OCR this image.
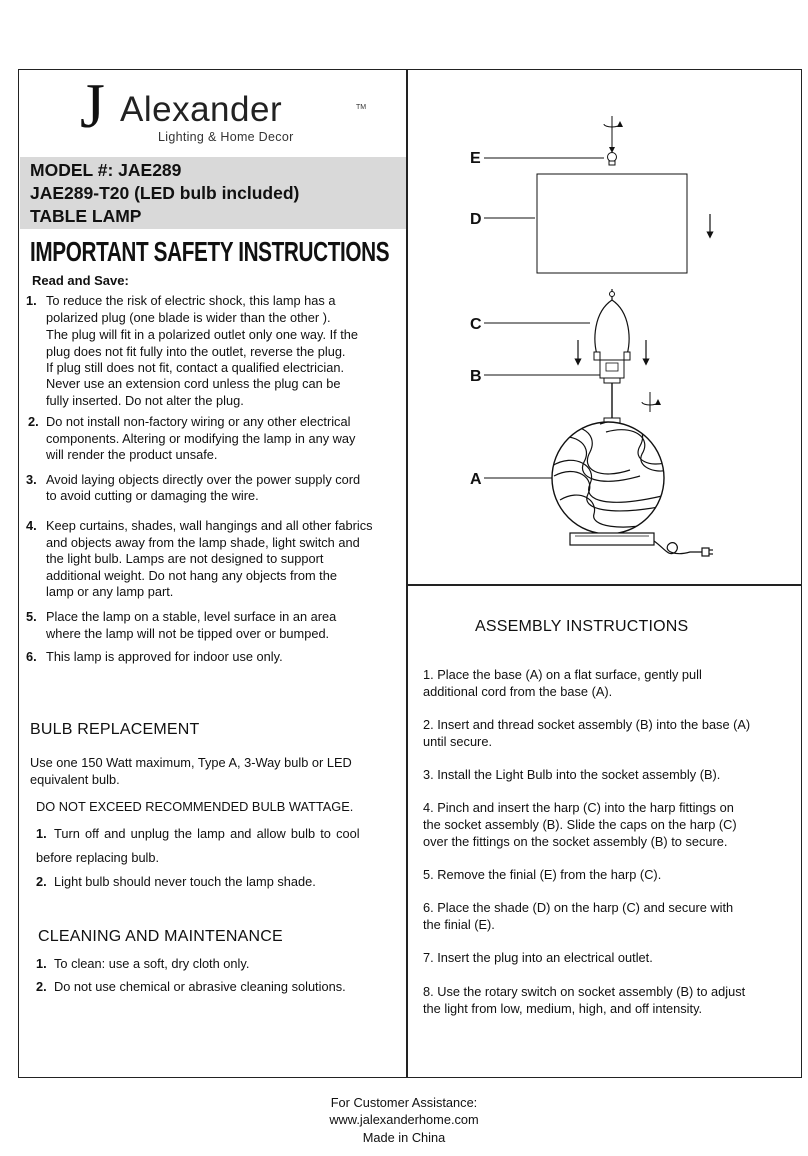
J Alexander	TM
Lighting & Home Decor
MODEL #: JAE289
JAE289-T20 (LED bulb included)
TABLE LAMP
IMPORTANT SAFETY INSTRUCTIONS
Read and Save:
1. To reduce the risk of electric shock, this lamp has a
polarized plug (one blade is wider than the other ).
The plug will fit in a polarized outlet only one way. If the
plug does not fit fully into the outlet, reverse the plug.
If plug still does not fit, contact a qualified electrician.
Never use an extension cord unless the plug can be
fully inserted. Do not alter the plug.
2. Do not install non-factory wiring or any other electrical
components. Altering or modifying the lamp in any way
will render the product unsafe.
3. Avoid laying objects directly over the power supply cord
to avoid cutting or damaging the wire.
4. Keep curtains, shades, wall hangings and all other fabrics
and objects away from the lamp shade, light switch and
the light bulb. Lamps are not designed to support
additional weight. Do not hang any objects from the
lamp or any lamp part.
5. Place the lamp on a stable, level surface in an area
where the lamp will not be tipped over or bumped.
6. This lamp is approved for indoor use only.
BULB REPLACEMENT
Use one 150 Watt maximum, Type A, 3-Way bulb or LED
equivalent bulb.
DO NOT EXCEED RECOMMENDED BULB WATTAGE.
1. Turn off and unplug the lamp and allow bulb to cool
before replacing bulb.
2. Light bulb should never touch the lamp shade.
CLEANING AND MAINTENANCE
1. To clean: use a soft, dry cloth only.
2. Do not use chemical or abrasive cleaning solutions.
E
D
C
B
A
ASSEMBLY INSTRUCTIONS
1. Place the base (A) on a flat surface, gently pull
additional cord from the base (A).
2. Insert and thread socket assembly (B) into the base (A)
until secure.
3. Install the Light Bulb into the socket assembly (B).
4. Pinch and insert the harp (C) into the harp fittings on
the socket assembly (B). Slide the caps on the harp (C)
over the fittings on the socket assembly (B) to secure.
5. Remove the finial (E) from the harp (C).
6. Place the shade (D) on the harp (C) and secure with
the finial (E).
7. Insert the plug into an electrical outlet.
8. Use the rotary switch on socket assembly (B) to adjust
the light from low, medium, high, and off intensity.
For Customer Assistance:
www.jalexanderhome.com
Made in China
